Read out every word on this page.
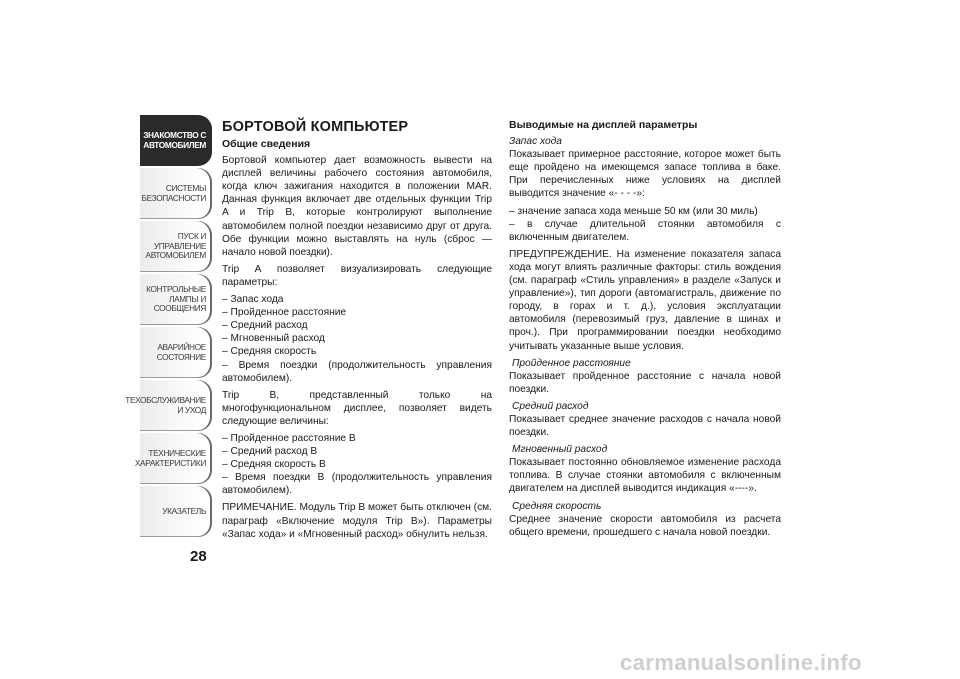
ЗНАКОМСТВО С
АВТОМОБИЛЕМ
СИСТЕМЫ
БЕЗОПАСНОСТИ
ПУСК И УПРАВЛЕНИЕ
АВТОМОБИЛЕМ
КОНТРОЛЬНЫЕ
ЛАМПЫ И
СООБЩЕНИЯ
АВАРИЙНОЕ
СОСТОЯНИЕ
ТЕХОБСЛУЖИВАНИЕ
И УХОД
ТЕХНИЧЕСКИЕ
ХАРАКТЕРИСТИКИ
УКАЗАТЕЛЬ
28
БОРТОВОЙ КОМПЬЮТЕР
Общие сведения
Бортовой компьютер дает возможность вывести на дисплей величины рабочего состояния автомобиля, когда ключ зажигания находится в положении MAR. Данная функция включает две отдельных функции Trip A и Trip B, которые контролируют выполнение автомобилем полной поездки независимо друг от друга. Обе функции можно выставлять на нуль (сброс — начало новой поездки).
Trip A позволяет визуализировать следующие параметры:
– Запас хода
– Пройденное расстояние
– Средний расход
– Мгновенный расход
– Средняя скорость
– Время поездки (продолжительность управления автомобилем).
Trip B, представленный только на многофункциональном дисплее, позволяет видеть следующие величины:
– Пройденное расстояние B
– Средний расход B
– Средняя скорость B
– Время поездки B (продолжительность управления автомобилем).
ПРИМЕЧАНИЕ. Модуль Trip B может быть отключен (см. параграф «Включение модуля Trip B»). Параметры «Запас хода» и «Мгновенный расход» обнулить нельзя.
Выводимые на дисплей параметры
Запас хода
Показывает примерное расстояние, которое может быть еще пройдено на имеющемся запасе топлива в баке. При перечисленных ниже условиях на дисплей выводится значение «- - - -»:
– значение запаса хода меньше 50 км (или 30 миль)
– в случае длительной стоянки автомобиля с включенным двигателем.
ПРЕДУПРЕЖДЕНИЕ. На изменение показателя запаса хода могут влиять различные факторы: стиль вождения (см. параграф «Стиль управления» в разделе «Запуск и управление»), тип дороги (автомагистраль, движение по городу, в горах и т. д.), условия эксплуатации автомобиля (перевозимый груз, давление в шинах и проч.). При программировании поездки необходимо учитывать указанные выше условия.
Пройденное расстояние
Показывает пройденное расстояние с начала новой поездки.
Средний расход
Показывает среднее значение расходов с начала новой поездки.
Мгновенный расход
Показывает постоянно обновляемое изменение расхода топлива. В случае стоянки автомобиля с включенным двигателем на дисплей выводится индикация «----».
Средняя скорость
Среднее значение скорости автомобиля из расчета общего времени, прошедшего с начала новой поездки.
carmanualsonline.info
